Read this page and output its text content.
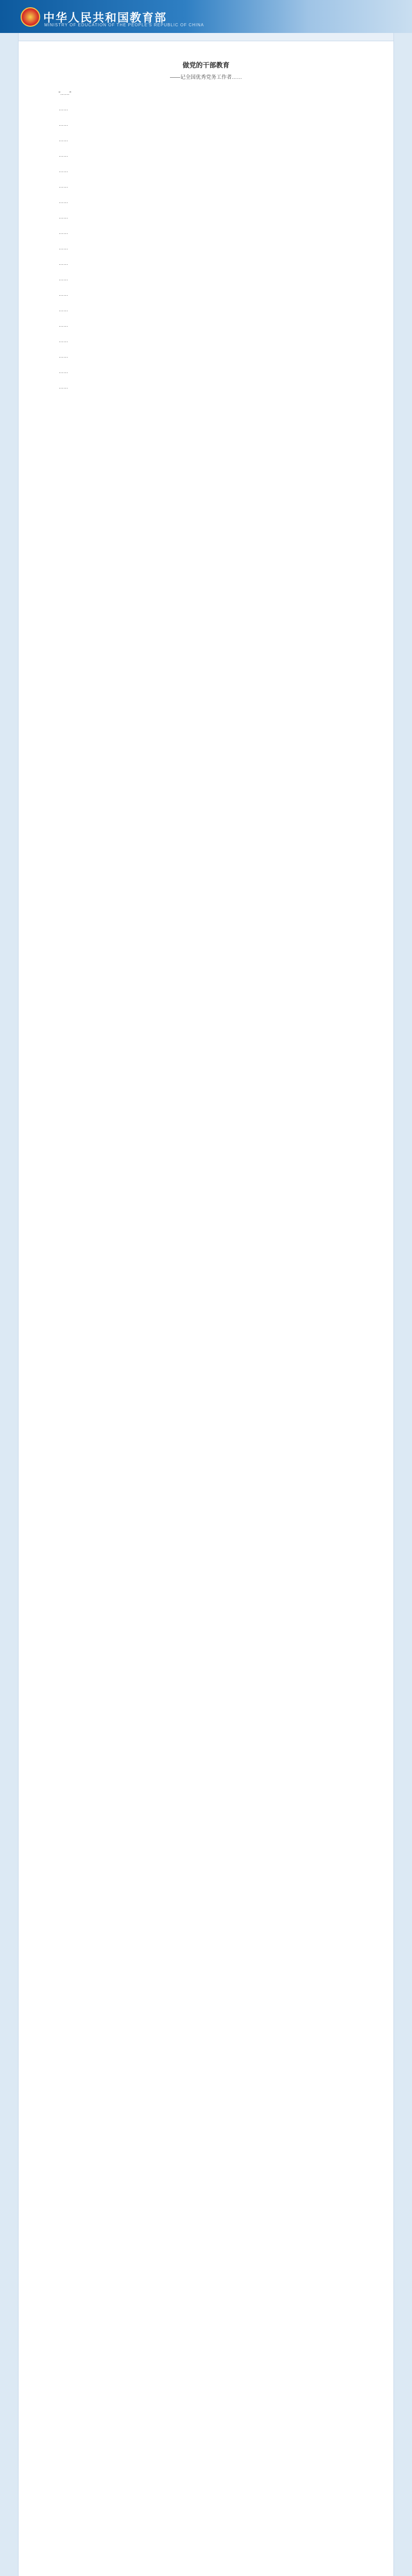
中华人民共和国教育部
MINISTRY OF EDUCATION OF THE PEOPLE'S REPUBLIC OF CHINA
做党的干部教育
——记全国优秀党务工作者……

“……”

……

……

……

……

……

……

……

……

……

……

……

……

……

……

……

……

……

……

……
